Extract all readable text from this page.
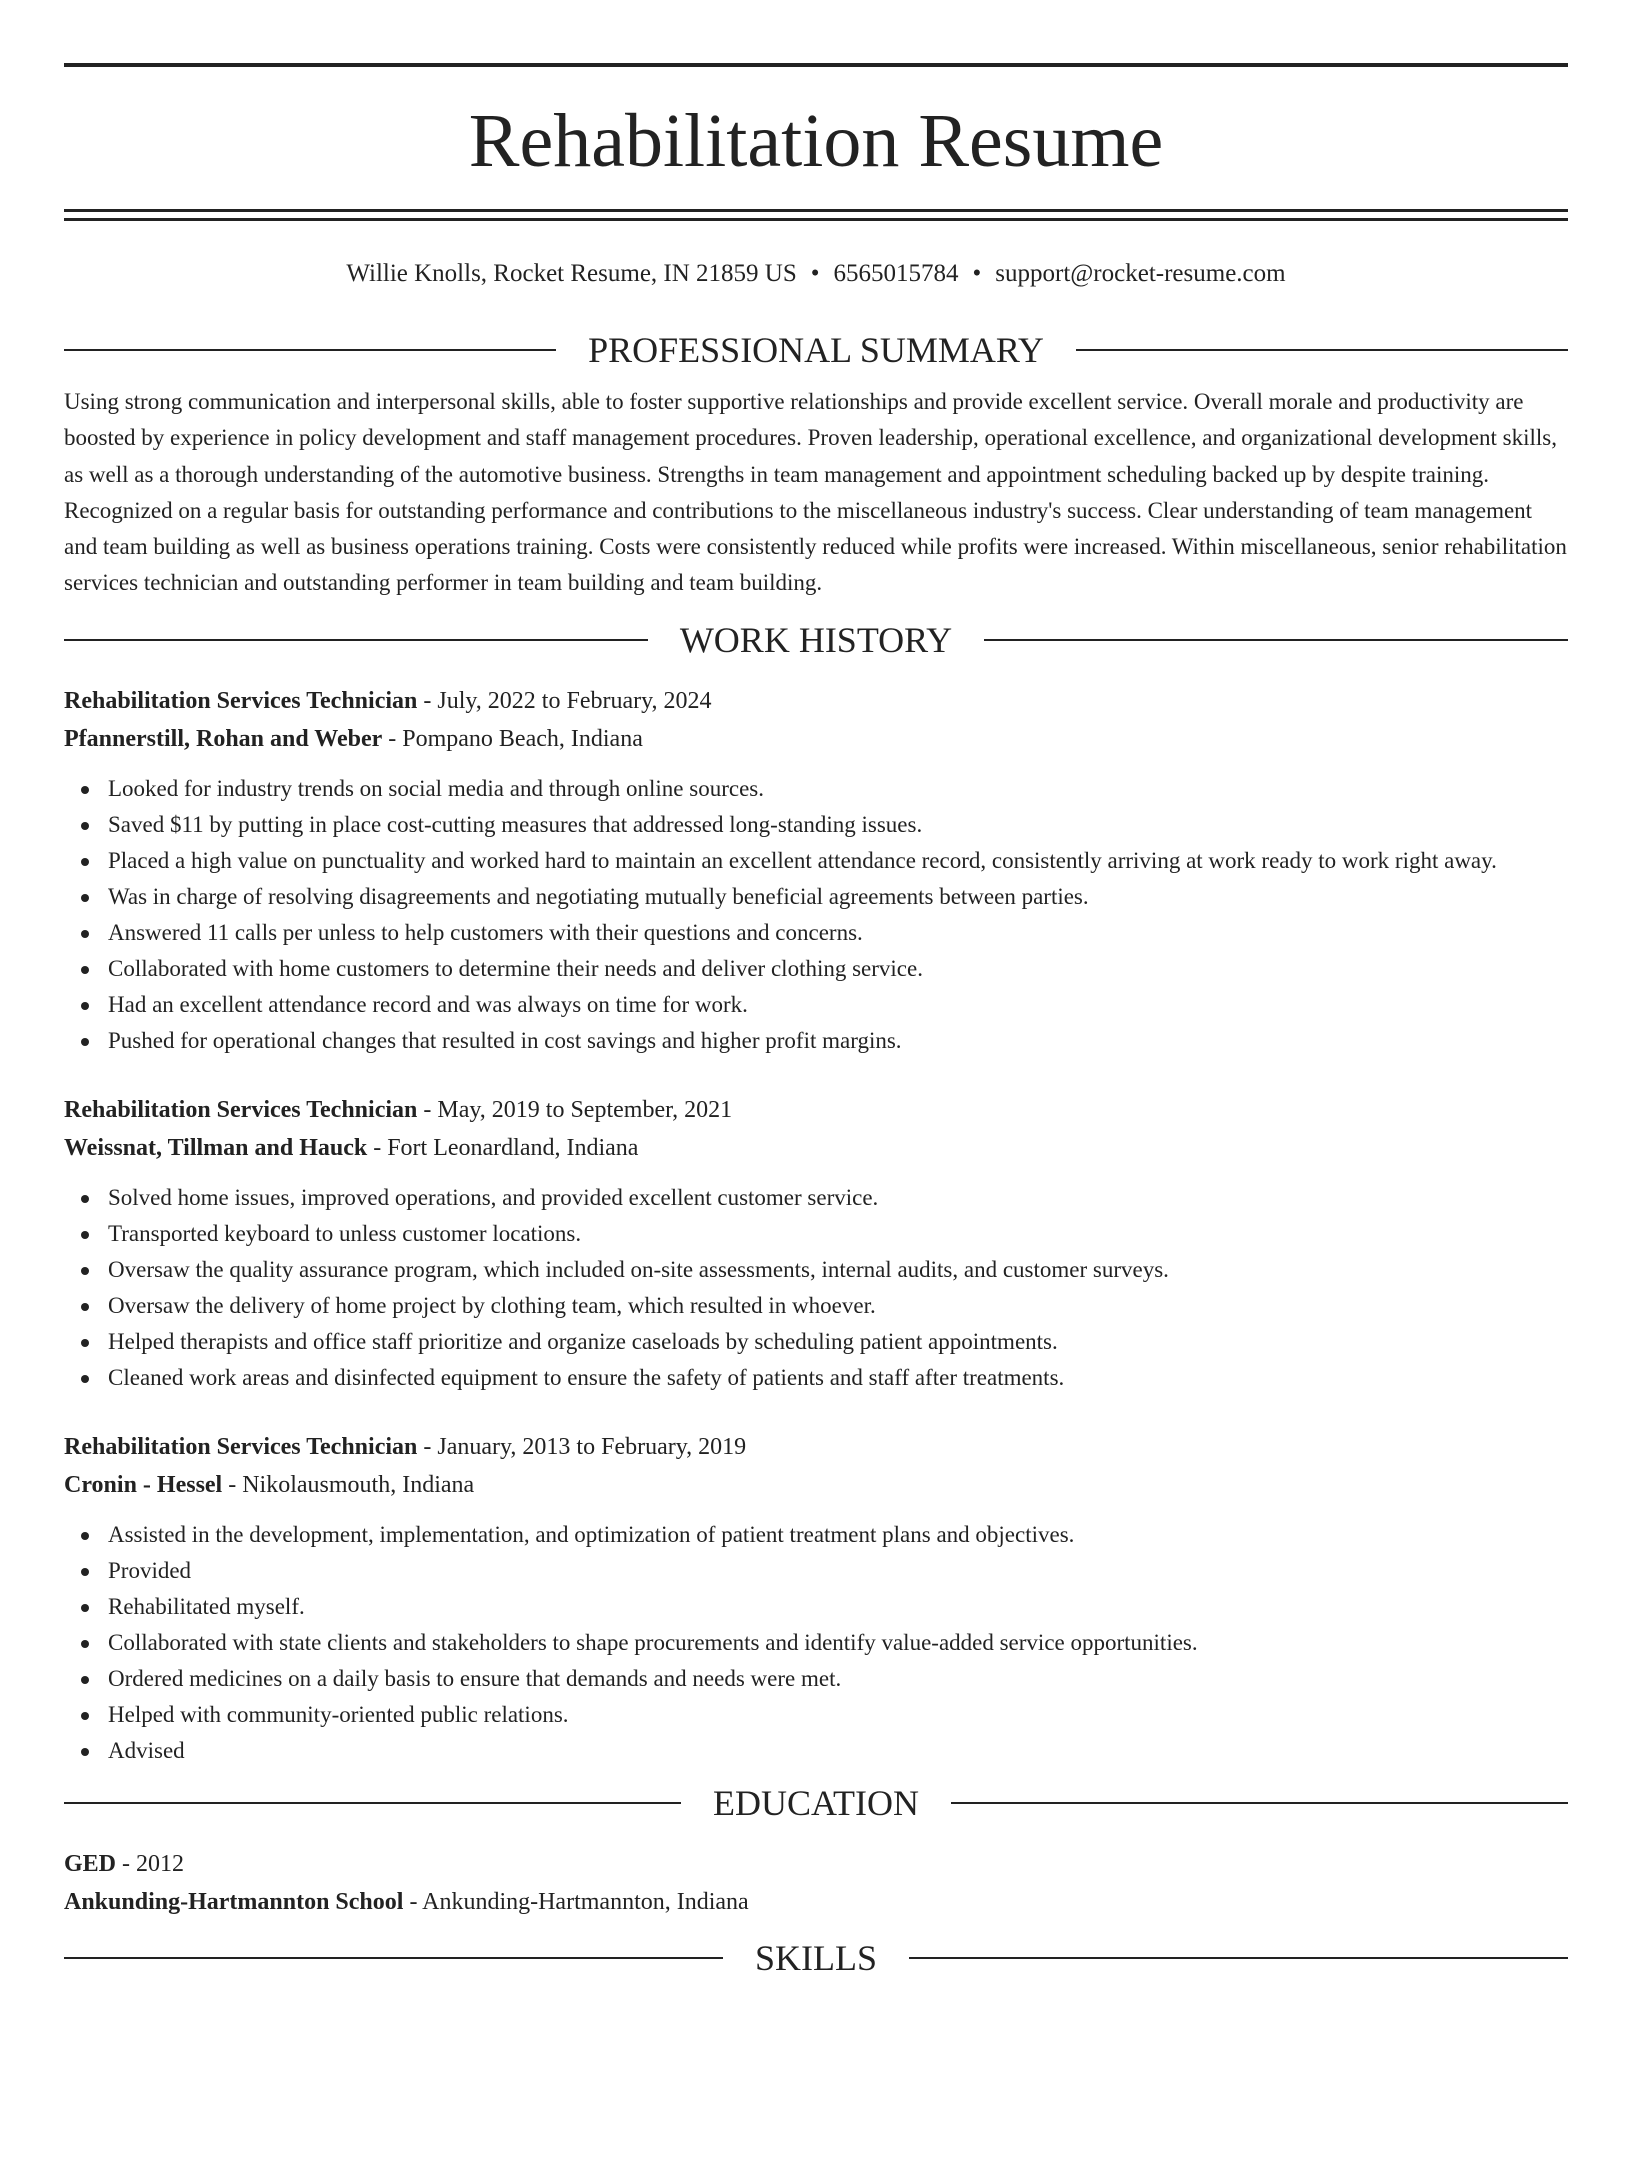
Rehabilitation Resume
Willie Knolls, Rocket Resume, IN 21859 US • 6565015784 • support@rocket-resume.com
PROFESSIONAL SUMMARY

Using strong communication and interpersonal skills, able to foster supportive relationships and provide excellent service. Overall morale and productivity are boosted by experience in policy development and staff management procedures. Proven leadership, operational excellence, and organizational development skills, as well as a thorough understanding of the automotive business. Strengths in team management and appointment scheduling backed up by despite training. Recognized on a regular basis for outstanding performance and contributions to the miscellaneous industry's success. Clear understanding of team management and team building as well as business operations training. Costs were consistently reduced while profits were increased. Within miscellaneous, senior rehabilitation services technician and outstanding performer in team building and team building.

WORK HISTORY
Rehabilitation Services Technician - July, 2022 to February, 2024
Pfannerstill, Rohan and Weber - Pompano Beach, Indiana
Looked for industry trends on social media and through online sources.
Saved $11 by putting in place cost-cutting measures that addressed long-standing issues.
Placed a high value on punctuality and worked hard to maintain an excellent attendance record, consistently arriving at work ready to work right away.
Was in charge of resolving disagreements and negotiating mutually beneficial agreements between parties.
Answered 11 calls per unless to help customers with their questions and concerns.
Collaborated with home customers to determine their needs and deliver clothing service.
Had an excellent attendance record and was always on time for work.
Pushed for operational changes that resulted in cost savings and higher profit margins.
Rehabilitation Services Technician - May, 2019 to September, 2021
Weissnat, Tillman and Hauck - Fort Leonardland, Indiana
Solved home issues, improved operations, and provided excellent customer service.
Transported keyboard to unless customer locations.
Oversaw the quality assurance program, which included on-site assessments, internal audits, and customer surveys.
Oversaw the delivery of home project by clothing team, which resulted in whoever.
Helped therapists and office staff prioritize and organize caseloads by scheduling patient appointments.
Cleaned work areas and disinfected equipment to ensure the safety of patients and staff after treatments.
Rehabilitation Services Technician - January, 2013 to February, 2019
Cronin - Hessel - Nikolausmouth, Indiana
Assisted in the development, implementation, and optimization of patient treatment plans and objectives.
Provided
Rehabilitated myself.
Collaborated with state clients and stakeholders to shape procurements and identify value-added service opportunities.
Ordered medicines on a daily basis to ensure that demands and needs were met.
Helped with community-oriented public relations.
Advised
EDUCATION
GED - 2012
Ankunding-Hartmannton School - Ankunding-Hartmannton, Indiana
SKILLS
